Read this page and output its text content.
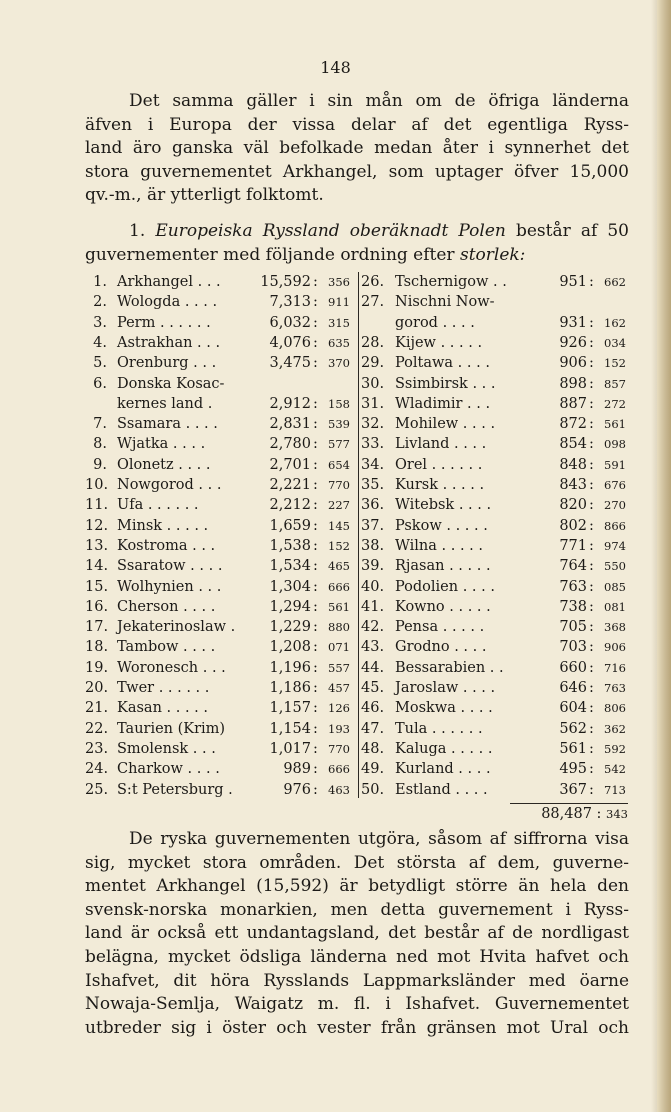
148
Det samma gäller i sin mån om de öfriga länderna
äfven i Europa der vissa delar af det egentliga Ryss-
land äro ganska väl befolkade medan åter i synnerhet det
stora guvernementet Arkhangel, som uptager öfver 15,000
qv.-m., är ytterligt folktomt.
1. Europeiska Ryssland oberäknadt Polen består af 50
guvernementer med följande ordning efter storlek:
1. Arkhangel . . .	15,592 : 356
2. Wologda . . . .	7,313 : 911
3. Perm . . . . . .	6,032 : 315
4. Astrakhan . . .	4,076 : 635
5. Orenburg . . .	3,475 : 370
6. Donska Kosac-
kernes land .	2,912 : 158
7. Ssamara . . . .	2,831 : 539
8. Wjatka . . . .	2,780 : 577
9. Olonetz . . . .	2,701 : 654
10. Nowgorod . . .	2,221 : 770
11. Ufa . . . . . .	2,212 : 227
12. Minsk . . . . .	1,659 : 145
13. Kostroma . . .	1,538 : 152
14. Ssaratow . . . .	1,534 : 465
15. Wolhynien . . .	1,304 : 666
16. Cherson . . . .	1,294 : 561
17. Jekaterinoslaw .	1,229 : 880
18. Tambow . . . .	1,208 : 071
19. Woronesch . . .	1,196 : 557
20. Twer . . . . . .	1,186 : 457
21. Kasan . . . . .	1,157 : 126
22. Taurien (Krim)	1,154 : 193
23. Smolensk . . .	1,017 : 770
24. Charkow . . . .	989 : 666
25. S:t Petersburg .	976 : 463
26. Tschernigow . .	951 : 662
27. Nischni Now-
gorod . . . .	931 : 162
28. Kijew . . . . .	926 : 034
29. Poltawa . . . .	906 : 152
30. Ssimbirsk . . .	898 : 857
31. Wladimir . . .	887 : 272
32. Mohilew . . . .	872 : 561
33. Livland . . . .	854 : 098
34. Orel . . . . . .	848 : 591
35. Kursk . . . . .	843 : 676
36. Witebsk . . . .	820 : 270
37. Pskow . . . . .	802 : 866
38. Wilna . . . . .	771 : 974
39. Rjasan . . . . .	764 : 550
40. Podolien . . . .	763 : 085
41. Kowno . . . . .	738 : 081
42. Pensa . . . . .	705 : 368
43. Grodno . . . .	703 : 906
44. Bessarabien . .	660 : 716
45. Jaroslaw . . . .	646 : 763
46. Moskwa . . . .	604 : 806
47. Tula . . . . . .	562 : 362
48. Kaluga . . . . .	561 : 592
49. Kurland . . . .	495 : 542
50. Estland . . . .	367 : 713
88,487 : 343
De ryska guvernementen utgöra, såsom af siffrorna visa
sig, mycket stora områden. Det största af dem, guverne-
mentet Arkhangel (15,592) är betydligt större än hela den
svensk-norska monarkien, men detta guvernement i Ryss-
land är också ett undantagsland, det består af de nordligast
belägna, mycket ödsliga länderna ned mot Hvita hafvet och
Ishafvet, dit höra Rysslands Lappmarksländer med öarne
Nowaja-Semlja, Waigatz m. fl. i Ishafvet. Guvernementet
utbreder sig i öster och vester från gränsen mot Ural och
